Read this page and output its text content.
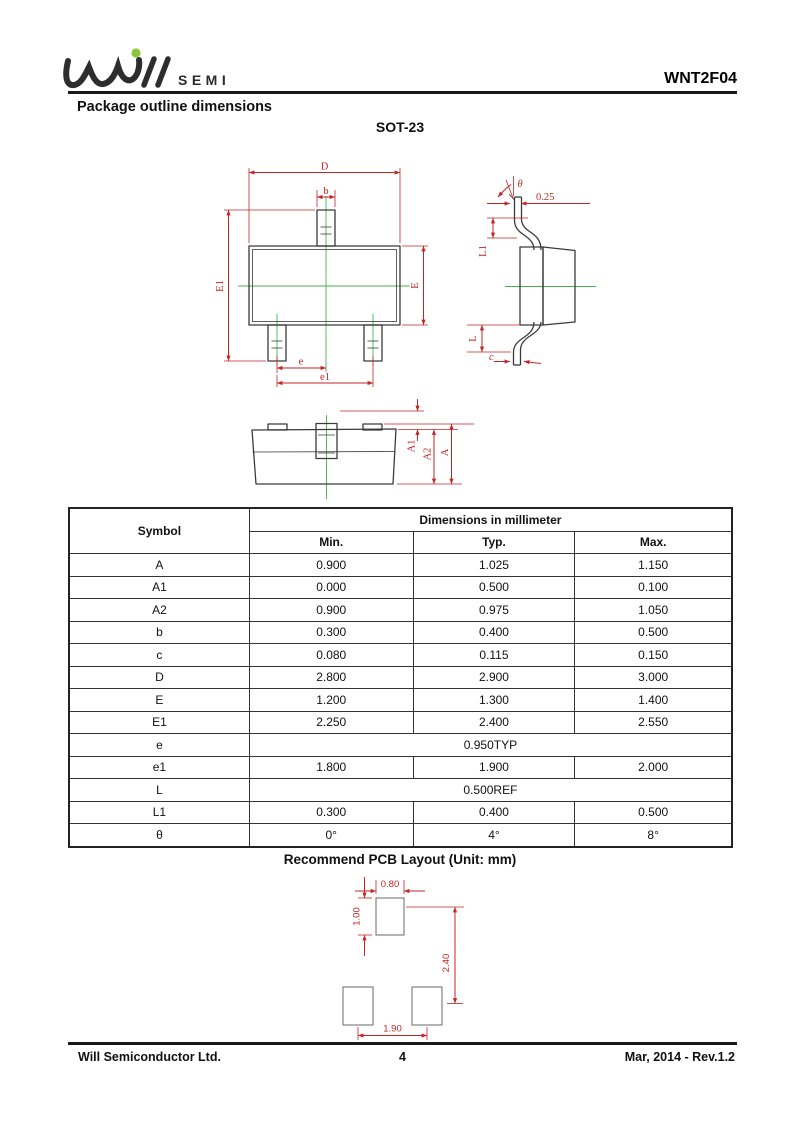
SEMI	WNT2F04
Package outline dimensions
SOT-23
D
b
E1	E
e
e1
θ
0.25
L1
L
c
A1
A2 A
Symbol	Dimensions in millimeter		
	Min.	Typ.	Max.
A	0.900	1.025	1.150
A1	0.000	0.500	0.100
A2	0.900	0.975	1.050
b	0.300	0.400	0.500
c	0.080	0.115	0.150
D	2.800	2.900	3.000
E	1.200	1.300	1.400
E1	2.250	2.400	2.550
e	0.950TYP		
e1	1.800	1.900	2.000
L	0.500REF		
L1	0.300	0.400	0.500
θ	0°	4°	8°
Recommend PCB Layout (Unit: mm)
0.80
1.00
2.40
1.90
Will Semiconductor Ltd.	4	Mar, 2014 - Rev.1.2
